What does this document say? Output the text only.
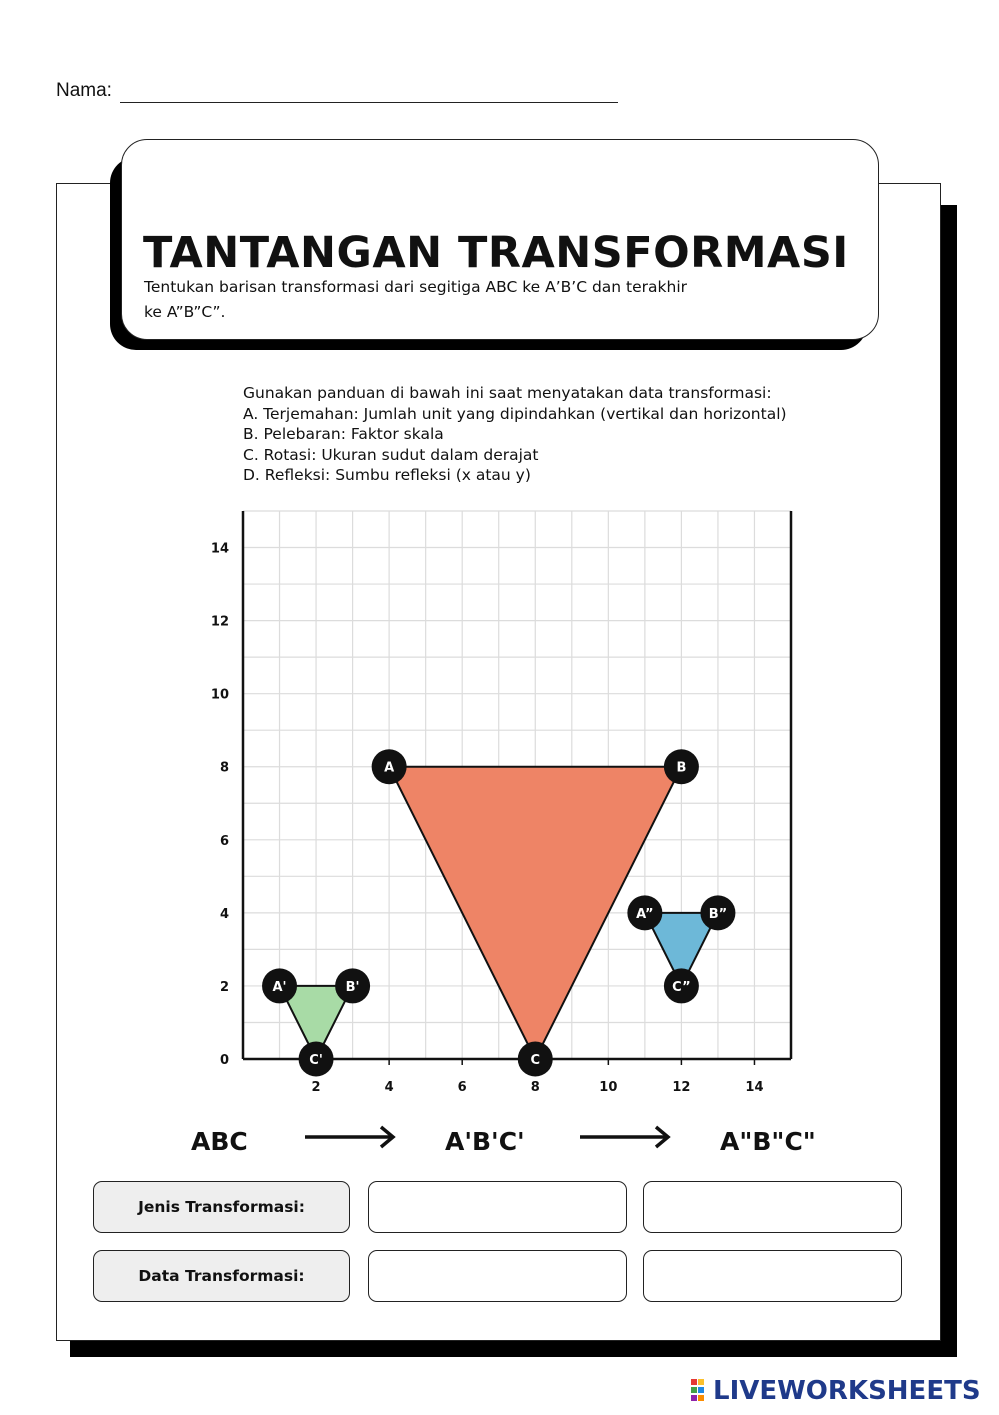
Nama:
TANTANGAN TRANSFORMASI
Tentukan barisan transformasi dari segitiga ABC ke A’B’C dan terakhir ke A”B”C”.
Gunakan panduan di bawah ini saat menyatakan data transformasi:
A. Terjemahan: Jumlah unit yang dipindahkan (vertikal dan horizontal)
B. Pelebaran: Faktor skala
C. Rotasi: Ukuran sudut dalam derajat
D. Refleksi: Sumbu refleksi (x atau y)
2	4	6	8	10	12	14
0
2
4
6
8
10
12
14
A	B
C
A'	B'
C'
A”	B”
C”
ABC	A'B'C'	A"B"C"
Jenis Transformasi:
Data Transformasi:
LIVEWORKSHEETS
